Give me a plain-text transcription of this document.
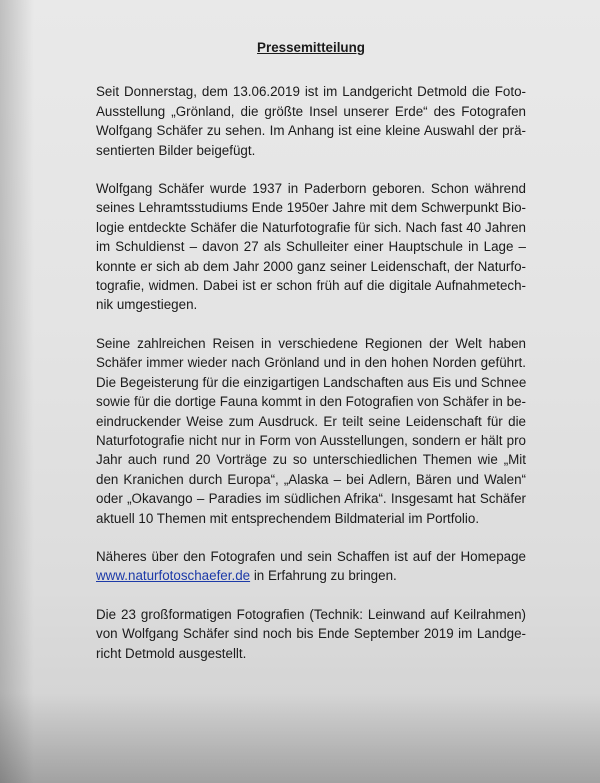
Pressemitteilung
Seit Donnerstag, dem 13.06.2019 ist im Landgericht Detmold die Foto-
Ausstellung „Grönland, die größte Insel unserer Erde“ des Fotografen
Wolfgang Schäfer zu sehen. Im Anhang ist eine kleine Auswahl der prä-
sentierten Bilder beigefügt.
Wolfgang Schäfer wurde 1937 in Paderborn geboren. Schon während
seines Lehramtsstudiums Ende 1950er Jahre mit dem Schwerpunkt Bio-
logie entdeckte Schäfer die Naturfotografie für sich. Nach fast 40 Jahren
im Schuldienst – davon 27 als Schulleiter einer Hauptschule in Lage –
konnte er sich ab dem Jahr 2000 ganz seiner Leidenschaft, der Naturfo-
tografie, widmen. Dabei ist er schon früh auf die digitale Aufnahmetech-
nik umgestiegen.
Seine zahlreichen Reisen in verschiedene Regionen der Welt haben
Schäfer immer wieder nach Grönland und in den hohen Norden geführt.
Die Begeisterung für die einzigartigen Landschaften aus Eis und Schnee
sowie für die dortige Fauna kommt in den Fotografien von Schäfer in be-
eindruckender Weise zum Ausdruck. Er teilt seine Leidenschaft für die
Naturfotografie nicht nur in Form von Ausstellungen, sondern er hält pro
Jahr auch rund 20 Vorträge zu so unterschiedlichen Themen wie „Mit
den Kranichen durch Europa“, „Alaska – bei Adlern, Bären und Walen“
oder „Okavango – Paradies im südlichen Afrika“. Insgesamt hat Schäfer
aktuell 10 Themen mit entsprechendem Bildmaterial im Portfolio.
Näheres über den Fotografen und sein Schaffen ist auf der Homepage
www.naturfotoschaefer.de in Erfahrung zu bringen.
Die 23 großformatigen Fotografien (Technik: Leinwand auf Keilrahmen)
von Wolfgang Schäfer sind noch bis Ende September 2019 im Landge-
richt Detmold ausgestellt.
